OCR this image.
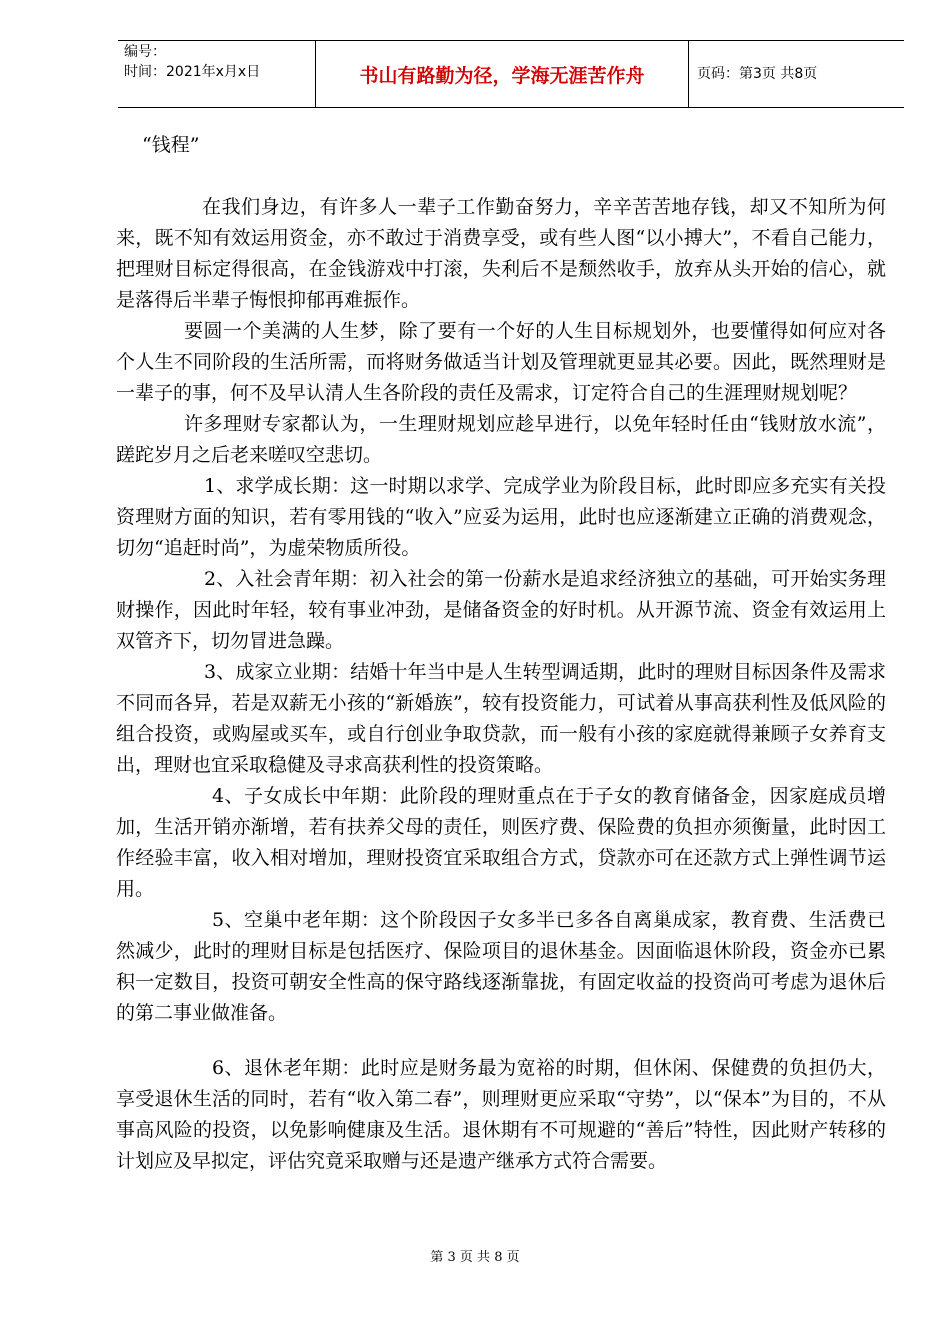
编号：
时间：2021年x月x日	书山有路勤为径，学海无涯苦作舟	页码：第3页 共8页

“钱程”

在我们身边，有许多人一辈子工作勤奋努力，辛辛苦苦地存钱，却又不知所为何来，既不知有效运用资金，亦不敢过于消费享受，或有些人图“以小搏大”，不看自己能力，把理财目标定得很高，在金钱游戏中打滚，失利后不是颓然收手，放弃从头开始的信心，就是落得后半辈子悔恨抑郁再难振作。

要圆一个美满的人生梦，除了要有一个好的人生目标规划外，也要懂得如何应对各个人生不同阶段的生活所需，而将财务做适当计划及管理就更显其必要。因此，既然理财是一辈子的事，何不及早认清人生各阶段的责任及需求，订定符合自己的生涯理财规划呢？

许多理财专家都认为，一生理财规划应趁早进行，以免年轻时任由“钱财放水流”，蹉跎岁月之后老来嗟叹空悲切。

1、求学成长期：这一时期以求学、完成学业为阶段目标，此时即应多充实有关投资理财方面的知识，若有零用钱的“收入”应妥为运用，此时也应逐渐建立正确的消费观念，切勿“追赶时尚”，为虚荣物质所役。

2、入社会青年期：初入社会的第一份薪水是追求经济独立的基础，可开始实务理财操作，因此时年轻，较有事业冲劲，是储备资金的好时机。从开源节流、资金有效运用上双管齐下，切勿冒进急躁。

3、成家立业期：结婚十年当中是人生转型调适期，此时的理财目标因条件及需求不同而各异，若是双薪无小孩的“新婚族”，较有投资能力，可试着从事高获利性及低风险的组合投资，或购屋或买车，或自行创业争取贷款，而一般有小孩的家庭就得兼顾子女养育支出，理财也宜采取稳健及寻求高获利性的投资策略。

4、子女成长中年期：此阶段的理财重点在于子女的教育储备金，因家庭成员增加，生活开销亦渐增，若有扶养父母的责任，则医疗费、保险费的负担亦须衡量，此时因工作经验丰富，收入相对增加，理财投资宜采取组合方式，贷款亦可在还款方式上弹性调节运用。

5、空巢中老年期：这个阶段因子女多半已多各自离巢成家，教育费、生活费已然减少，此时的理财目标是包括医疗、保险项目的退休基金。因面临退休阶段，资金亦已累积一定数目，投资可朝安全性高的保守路线逐渐靠拢，有固定收益的投资尚可考虑为退休后的第二事业做准备。

6、退休老年期：此时应是财务最为宽裕的时期，但休闲、保健费的负担仍大，享受退休生活的同时，若有“收入第二春”，则理财更应采取“守势”，以“保本”为目的，不从事高风险的投资，以免影响健康及生活。退休期有不可规避的“善后”特性，因此财产转移的计划应及早拟定，评估究竟采取赠与还是遗产继承方式符合需要。

第 3 页 共 8 页
